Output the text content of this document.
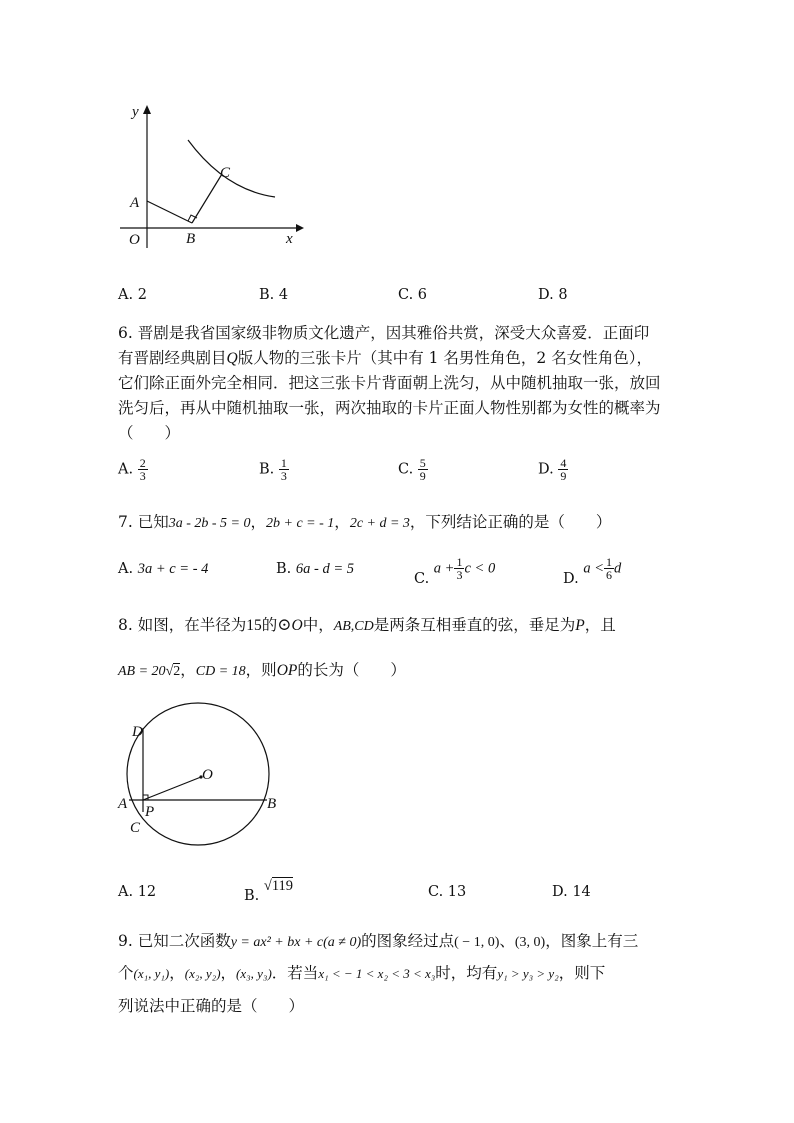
y
x
O
A
B
C
A. 2	B. 4	C. 6	D. 8
6. 晋剧是我省国家级非物质文化遗产，因其雅俗共赏，深受大众喜爱．正面印
有晋剧经典剧目Q版人物的三张卡片（其中有 1 名男性角色，2 名女性角色），
它们除正面外完全相同．把这三张卡片背面朝上洗匀，从中随机抽取一张，放回
洗匀后，再从中随机抽取一张，两次抽取的卡片正面人物性别都为女性的概率为
（　　）
A. $\frac{2}{3}$	B. $\frac{1}{3}$	C. $\frac{5}{9}$	D. $\frac{4}{9}$
7. 已知3a - 2b - 5 = 0，2b + c = - 1，2c + d = 3，下列结论正确的是（　　）
A. 3a + c = - 4	B. 6a - d = 5
C. $a + \frac{1}{3}$ c < 0
D. $a < \frac{1}{6}$ d
8. 如图，在半径为15的⊙O中，AB,CD是两条互相垂直的弦，垂足为P，且
AB = 20√2，CD = 18，则OP的长为（　　）
D
O
A P	B
C
A. 12	B. √119	C. 13	D. 14
9. 已知二次函数y = ax² + bx + c(a ≠ 0)的图象经过点( − 1, 0)、(3, 0)，图象上有三
个(x₁, y₁)，(x₂, y₂)，(x₃, y₃)．若当x₁ < − 1 < x₂ < 3 < x₃时，均有y₁ > y₃ > y₂，则下
列说法中正确的是（　　）
